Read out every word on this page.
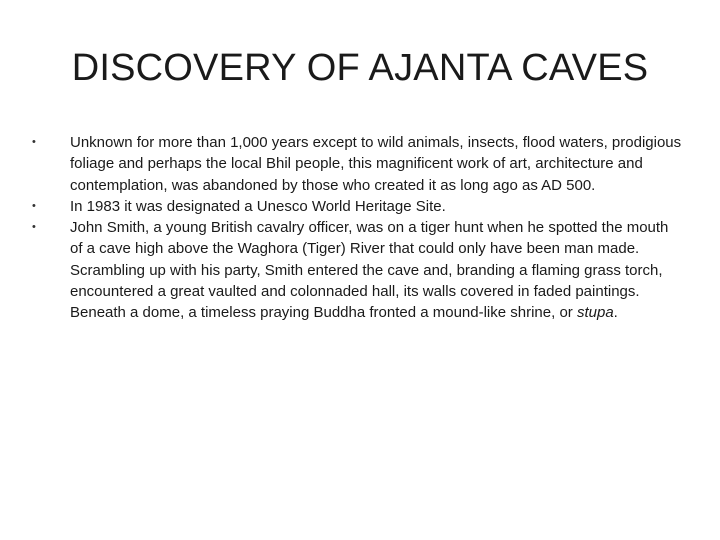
DISCOVERY OF AJANTA CAVES
•	Unknown for more than 1,000 years except to wild animals, insects, flood waters, prodigious foliage and perhaps the local Bhil people, this magnificent work of art, architecture and contemplation, was abandoned by those who created it as long ago as AD 500.
•	In 1983 it was designated a Unesco World Heritage Site.
•	John Smith, a young British cavalry officer, was on a tiger hunt when he spotted the mouth of a cave high above the Waghora (Tiger) River that could only have been man made. Scrambling up with his party, Smith entered the cave and, branding a flaming grass torch, encountered a great vaulted and colonnaded hall, its walls covered in faded paintings. Beneath a dome, a timeless praying Buddha fronted a mound-like shrine, or stupa.
